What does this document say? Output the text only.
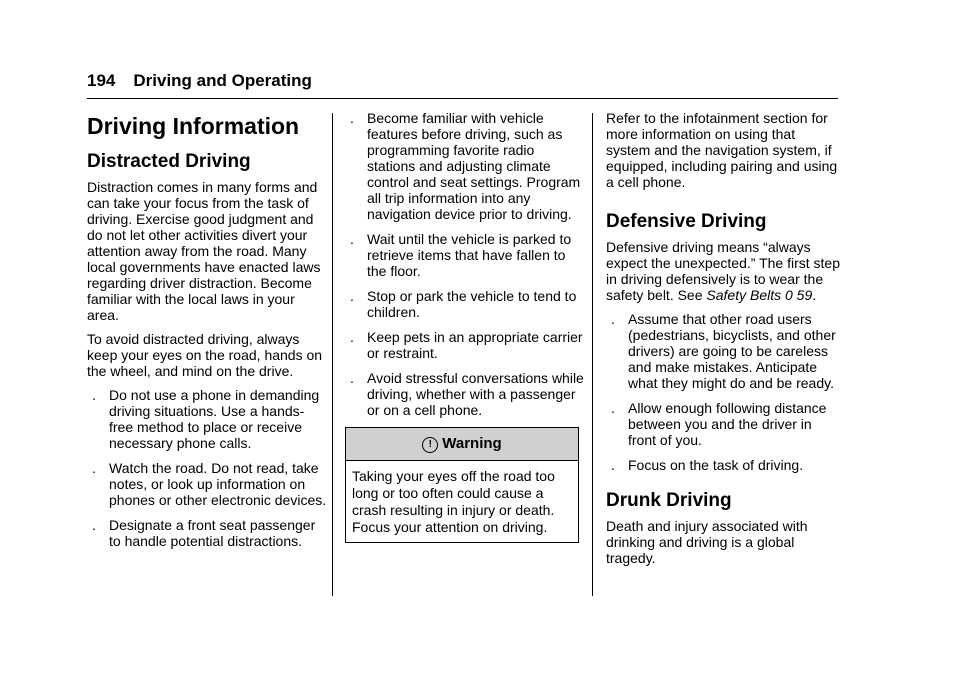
194 Driving and Operating
Driving Information
Distracted Driving

Distraction comes in many forms and can take your focus from the task of driving. Exercise good judgment and do not let other activities divert your attention away from the road. Many local governments have enacted laws regarding driver distraction. Become familiar with the local laws in your area.

To avoid distracted driving, always keep your eyes on the road, hands on the wheel, and mind on the drive.

. Do not use a phone in demanding driving situations. Use a hands-free method to place or receive necessary phone calls.
. Watch the road. Do not read, take notes, or look up information on phones or other electronic devices.
. Designate a front seat passenger to handle potential distractions.
. Become familiar with vehicle features before driving, such as programming favorite radio stations and adjusting climate control and seat settings. Program all trip information into any navigation device prior to driving.
. Wait until the vehicle is parked to retrieve items that have fallen to the floor.
. Stop or park the vehicle to tend to children.
. Keep pets in an appropriate carrier or restraint.
. Avoid stressful conversations while driving, whether with a passenger or on a cell phone.
! Warning
Taking your eyes off the road too long or too often could cause a crash resulting in injury or death. Focus your attention on driving.

Refer to the infotainment section for more information on using that system and the navigation system, if equipped, including pairing and using a cell phone.

Defensive Driving

Defensive driving means “always expect the unexpected.” The first step in driving defensively is to wear the safety belt. See Safety Belts 0 59.

. Assume that other road users (pedestrians, bicyclists, and other drivers) are going to be careless and make mistakes. Anticipate what they might do and be ready.
. Allow enough following distance between you and the driver in front of you.
. Focus on the task of driving.
Drunk Driving

Death and injury associated with drinking and driving is a global tragedy.
